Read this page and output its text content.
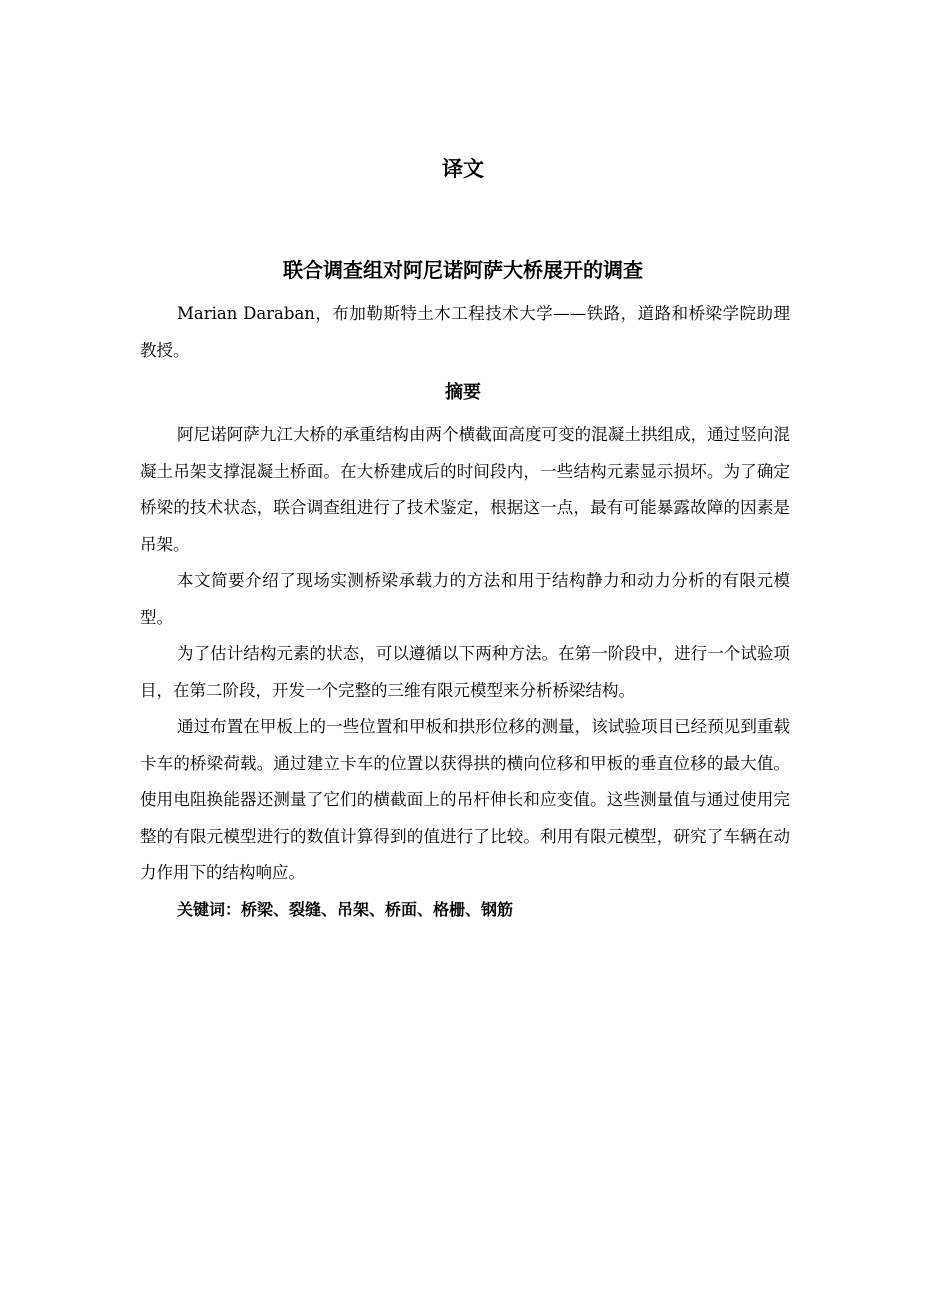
译文
联合调查组对阿尼诺阿萨大桥展开的调查

Marian Daraban，布加勒斯特土木工程技术大学——铁路，道路和桥梁学院助理　教授。

摘要

阿尼诺阿萨九江大桥的承重结构由两个横截面高度可变的混凝土拱组成，通过竖向混凝土吊架支撑混凝土桥面。在大桥建成后的时间段内，一些结构元素显示损坏。为了确定桥梁的技术状态，联合调查组进行了技术鉴定，根据这一点，最有可能暴露故障的因素是吊架。

本文简要介绍了现场实测桥梁承载力的方法和用于结构静力和动力分析的有限元模型。

为了估计结构元素的状态，可以遵循以下两种方法。在第一阶段中，进行一个试验项目，在第二阶段，开发一个完整的三维有限元模型来分析桥梁结构。

通过布置在甲板上的一些位置和甲板和拱形位移的测量，该试验项目已经预见到重载卡车的桥梁荷载。通过建立卡车的位置以获得拱的横向位移和甲板的垂直位移的最大值。使用电阻换能器还测量了它们的横截面上的吊杆伸长和应变值。这些测量值与通过使用完整的有限元模型进行的数值计算得到的值进行了比较。利用有限元模型，研究了车辆在动力作用下的结构响应。

关键词：桥梁、裂缝、吊架、桥面、格栅、钢筋
